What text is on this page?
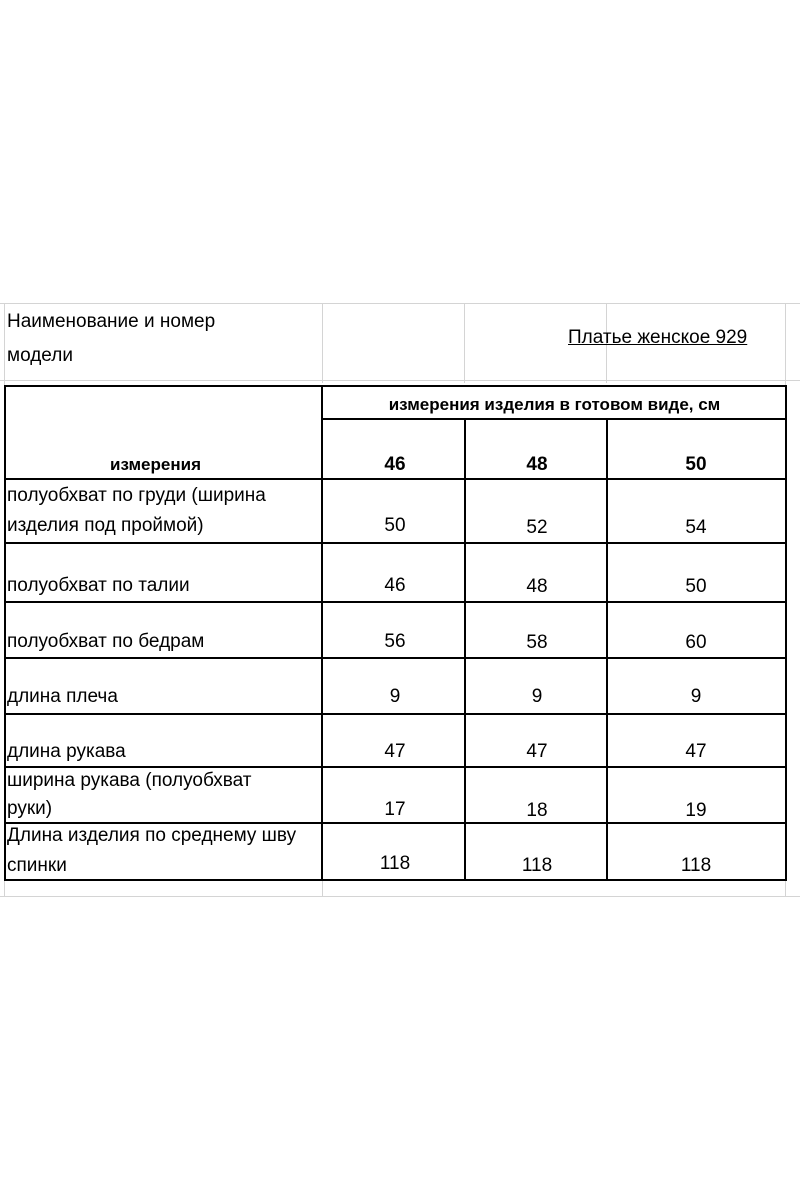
Наименование и номер
модели
Платье женское 929
измерения изделия в готовом виде, см
измерения	46	48	50
полуобхват по груди (ширина
изделия под проймой)	50	52	54
полуобхват по талии	46	48	50
полуобхват по бедрам	56	58	60
длина плеча	9	9	9
длина рукава	47	47	47
ширина рукава (полуобхват
руки)	17	18	19
Длина изделия по среднему шву
спинки	118	118	118
